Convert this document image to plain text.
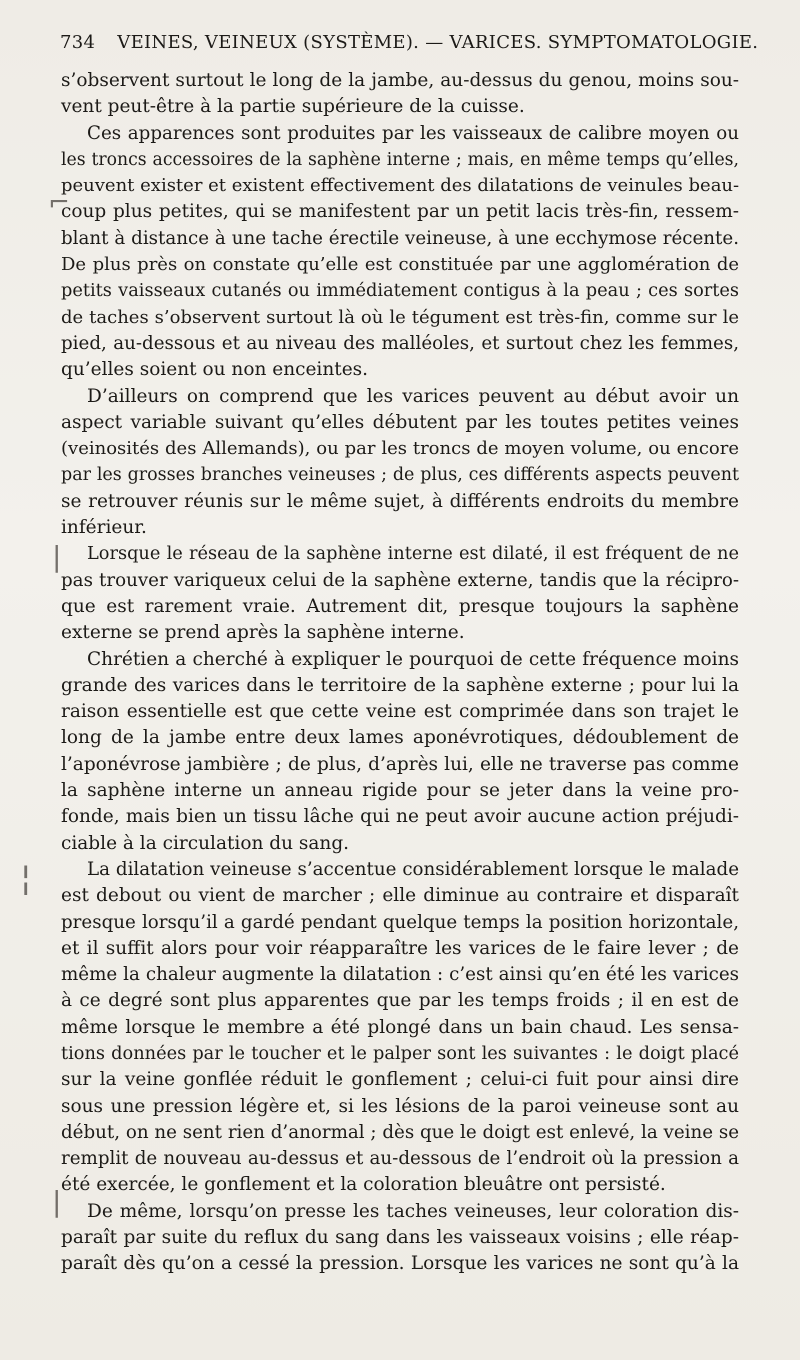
734 VEINES, VEINEUX (SYSTÈME). — VARICES. SYMPTOMATOLOGIE.
s’observent surtout le long de la jambe, au-dessus du genou, moins sou-
vent peut-être à la partie supérieure de la cuisse.
Ces apparences sont produites par les vaisseaux de calibre moyen ou
les troncs accessoires de la saphène interne ; mais, en même temps qu’elles,
peuvent exister et existent effectivement des dilatations de veinules beau-
coup plus petites, qui se manifestent par un petit lacis très-fin, ressem-
blant à distance à une tache érectile veineuse, à une ecchymose récente.
De plus près on constate qu’elle est constituée par une agglomération de
petits vaisseaux cutanés ou immédiatement contigus à la peau ; ces sortes
de taches s’observent surtout là où le tégument est très-fin, comme sur le
pied, au-dessous et au niveau des malléoles, et surtout chez les femmes,
qu’elles soient ou non enceintes.
D’ailleurs on comprend que les varices peuvent au début avoir un
aspect variable suivant qu’elles débutent par les toutes petites veines
(veinosités des Allemands), ou par les troncs de moyen volume, ou encore
par les grosses branches veineuses ; de plus, ces différents aspects peuvent
se retrouver réunis sur le même sujet, à différents endroits du membre
inférieur.
Lorsque le réseau de la saphène interne est dilaté, il est fréquent de ne
pas trouver variqueux celui de la saphène externe, tandis que la récipro-
que est rarement vraie. Autrement dit, presque toujours la saphène
externe se prend après la saphène interne.
Chrétien a cherché à expliquer le pourquoi de cette fréquence moins
grande des varices dans le territoire de la saphène externe ; pour lui la
raison essentielle est que cette veine est comprimée dans son trajet le
long de la jambe entre deux lames aponévrotiques, dédoublement de
l’aponévrose jambière ; de plus, d’après lui, elle ne traverse pas comme
la saphène interne un anneau rigide pour se jeter dans la veine pro-
fonde, mais bien un tissu lâche qui ne peut avoir aucune action préjudi-
ciable à la circulation du sang.
La dilatation veineuse s’accentue considérablement lorsque le malade
est debout ou vient de marcher ; elle diminue au contraire et disparaît
presque lorsqu’il a gardé pendant quelque temps la position horizontale,
et il suffit alors pour voir réapparaître les varices de le faire lever ; de
même la chaleur augmente la dilatation : c’est ainsi qu’en été les varices
à ce degré sont plus apparentes que par les temps froids ; il en est de
même lorsque le membre a été plongé dans un bain chaud. Les sensa-
tions données par le toucher et le palper sont les suivantes : le doigt placé
sur la veine gonflée réduit le gonflement ; celui-ci fuit pour ainsi dire
sous une pression légère et, si les lésions de la paroi veineuse sont au
début, on ne sent rien d’anormal ; dès que le doigt est enlevé, la veine se
remplit de nouveau au-dessus et au-dessous de l’endroit où la pression a
été exercée, le gonflement et la coloration bleuâtre ont persisté.
De même, lorsqu’on presse les taches veineuses, leur coloration dis-
paraît par suite du reflux du sang dans les vaisseaux voisins ; elle réap-
paraît dès qu’on a cessé la pression. Lorsque les varices ne sont qu’à la
⌐
|
¦
|
